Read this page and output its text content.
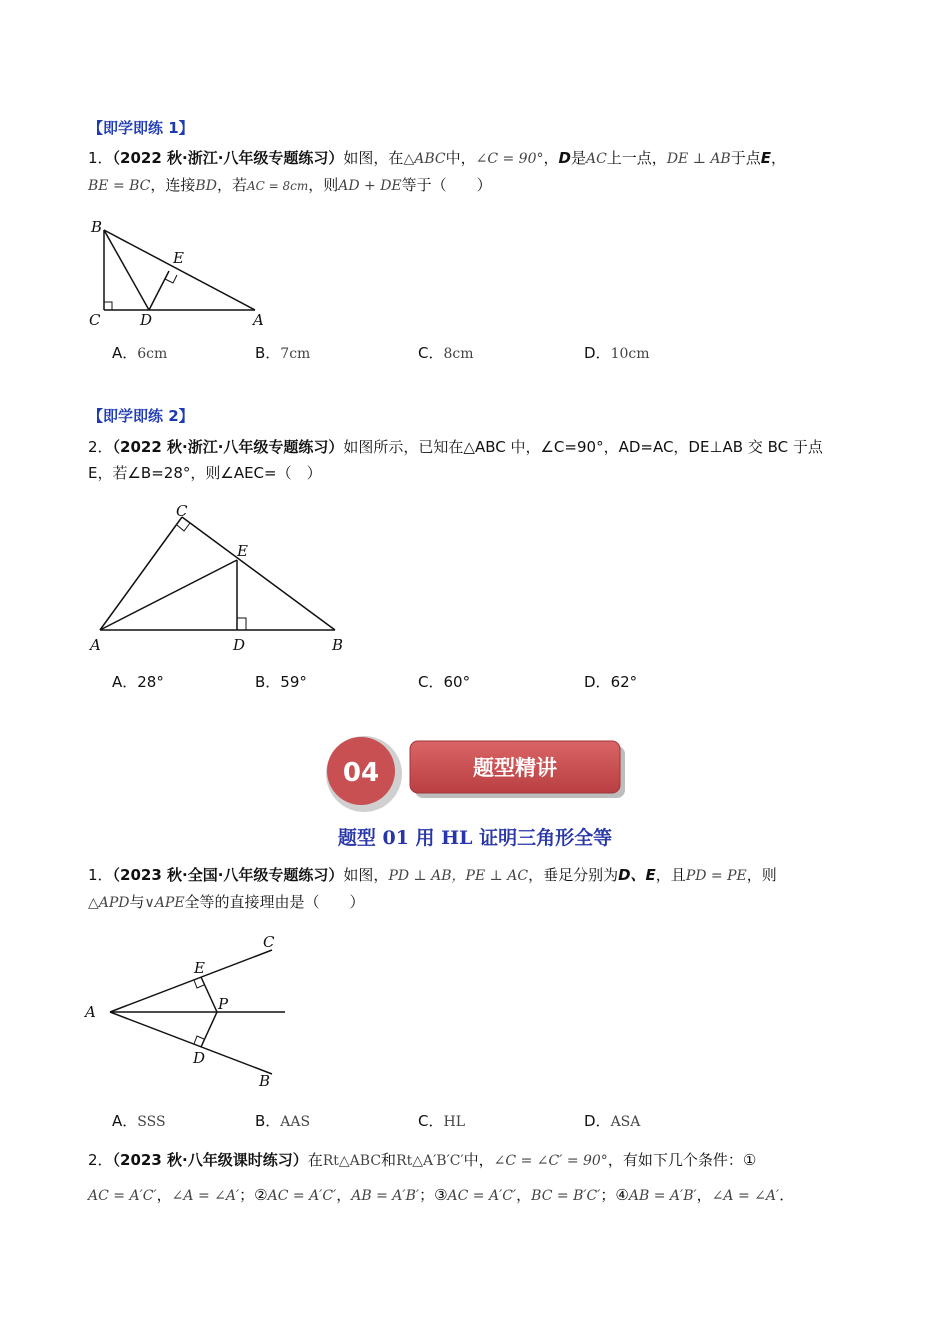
【即学即练 1】
1．（2022 秋·浙江·八年级专题练习）如图，在△ABC中，∠C = 90°，D是AC上一点，DE ⊥ AB于点E，
BE = BC，连接BD，若AC = 8cm，则AD + DE等于（　　）
B
C	D	A
E
A．6cm	B．7cm	C．8cm	D．10cm
【即学即练 2】
2．（2022 秋·浙江·八年级专题练习）如图所示，已知在△ABC 中，∠C=90°，AD=AC，DE⊥AB 交 BC 于点
E，若∠B=28°，则∠AEC=（　）
C
E
A	D	B
A．28°	B．59°	C．60°	D．62°
04	题型精讲
题型 01 用 HL 证明三角形全等
1．（2023 秋·全国·八年级专题练习）如图，PD ⊥ AB，PE ⊥ AC，垂足分别为D、E，且PD = PE，则
△APD与∨APE全等的直接理由是（　　）
C
E
A	P
D
B
A．SSS	B．AAS	C．HL	D．ASA
2．（2023 秋·八年级课时练习）在Rt△ABC和Rt△A′B′C′中，∠C = ∠C′ = 90°，有如下几个条件：①
AC = A′C′，∠A = ∠A′；②AC = A′C′，AB = A′B′；③AC = A′C′，BC = B′C′；④AB = A′B′，∠A = ∠A′．
